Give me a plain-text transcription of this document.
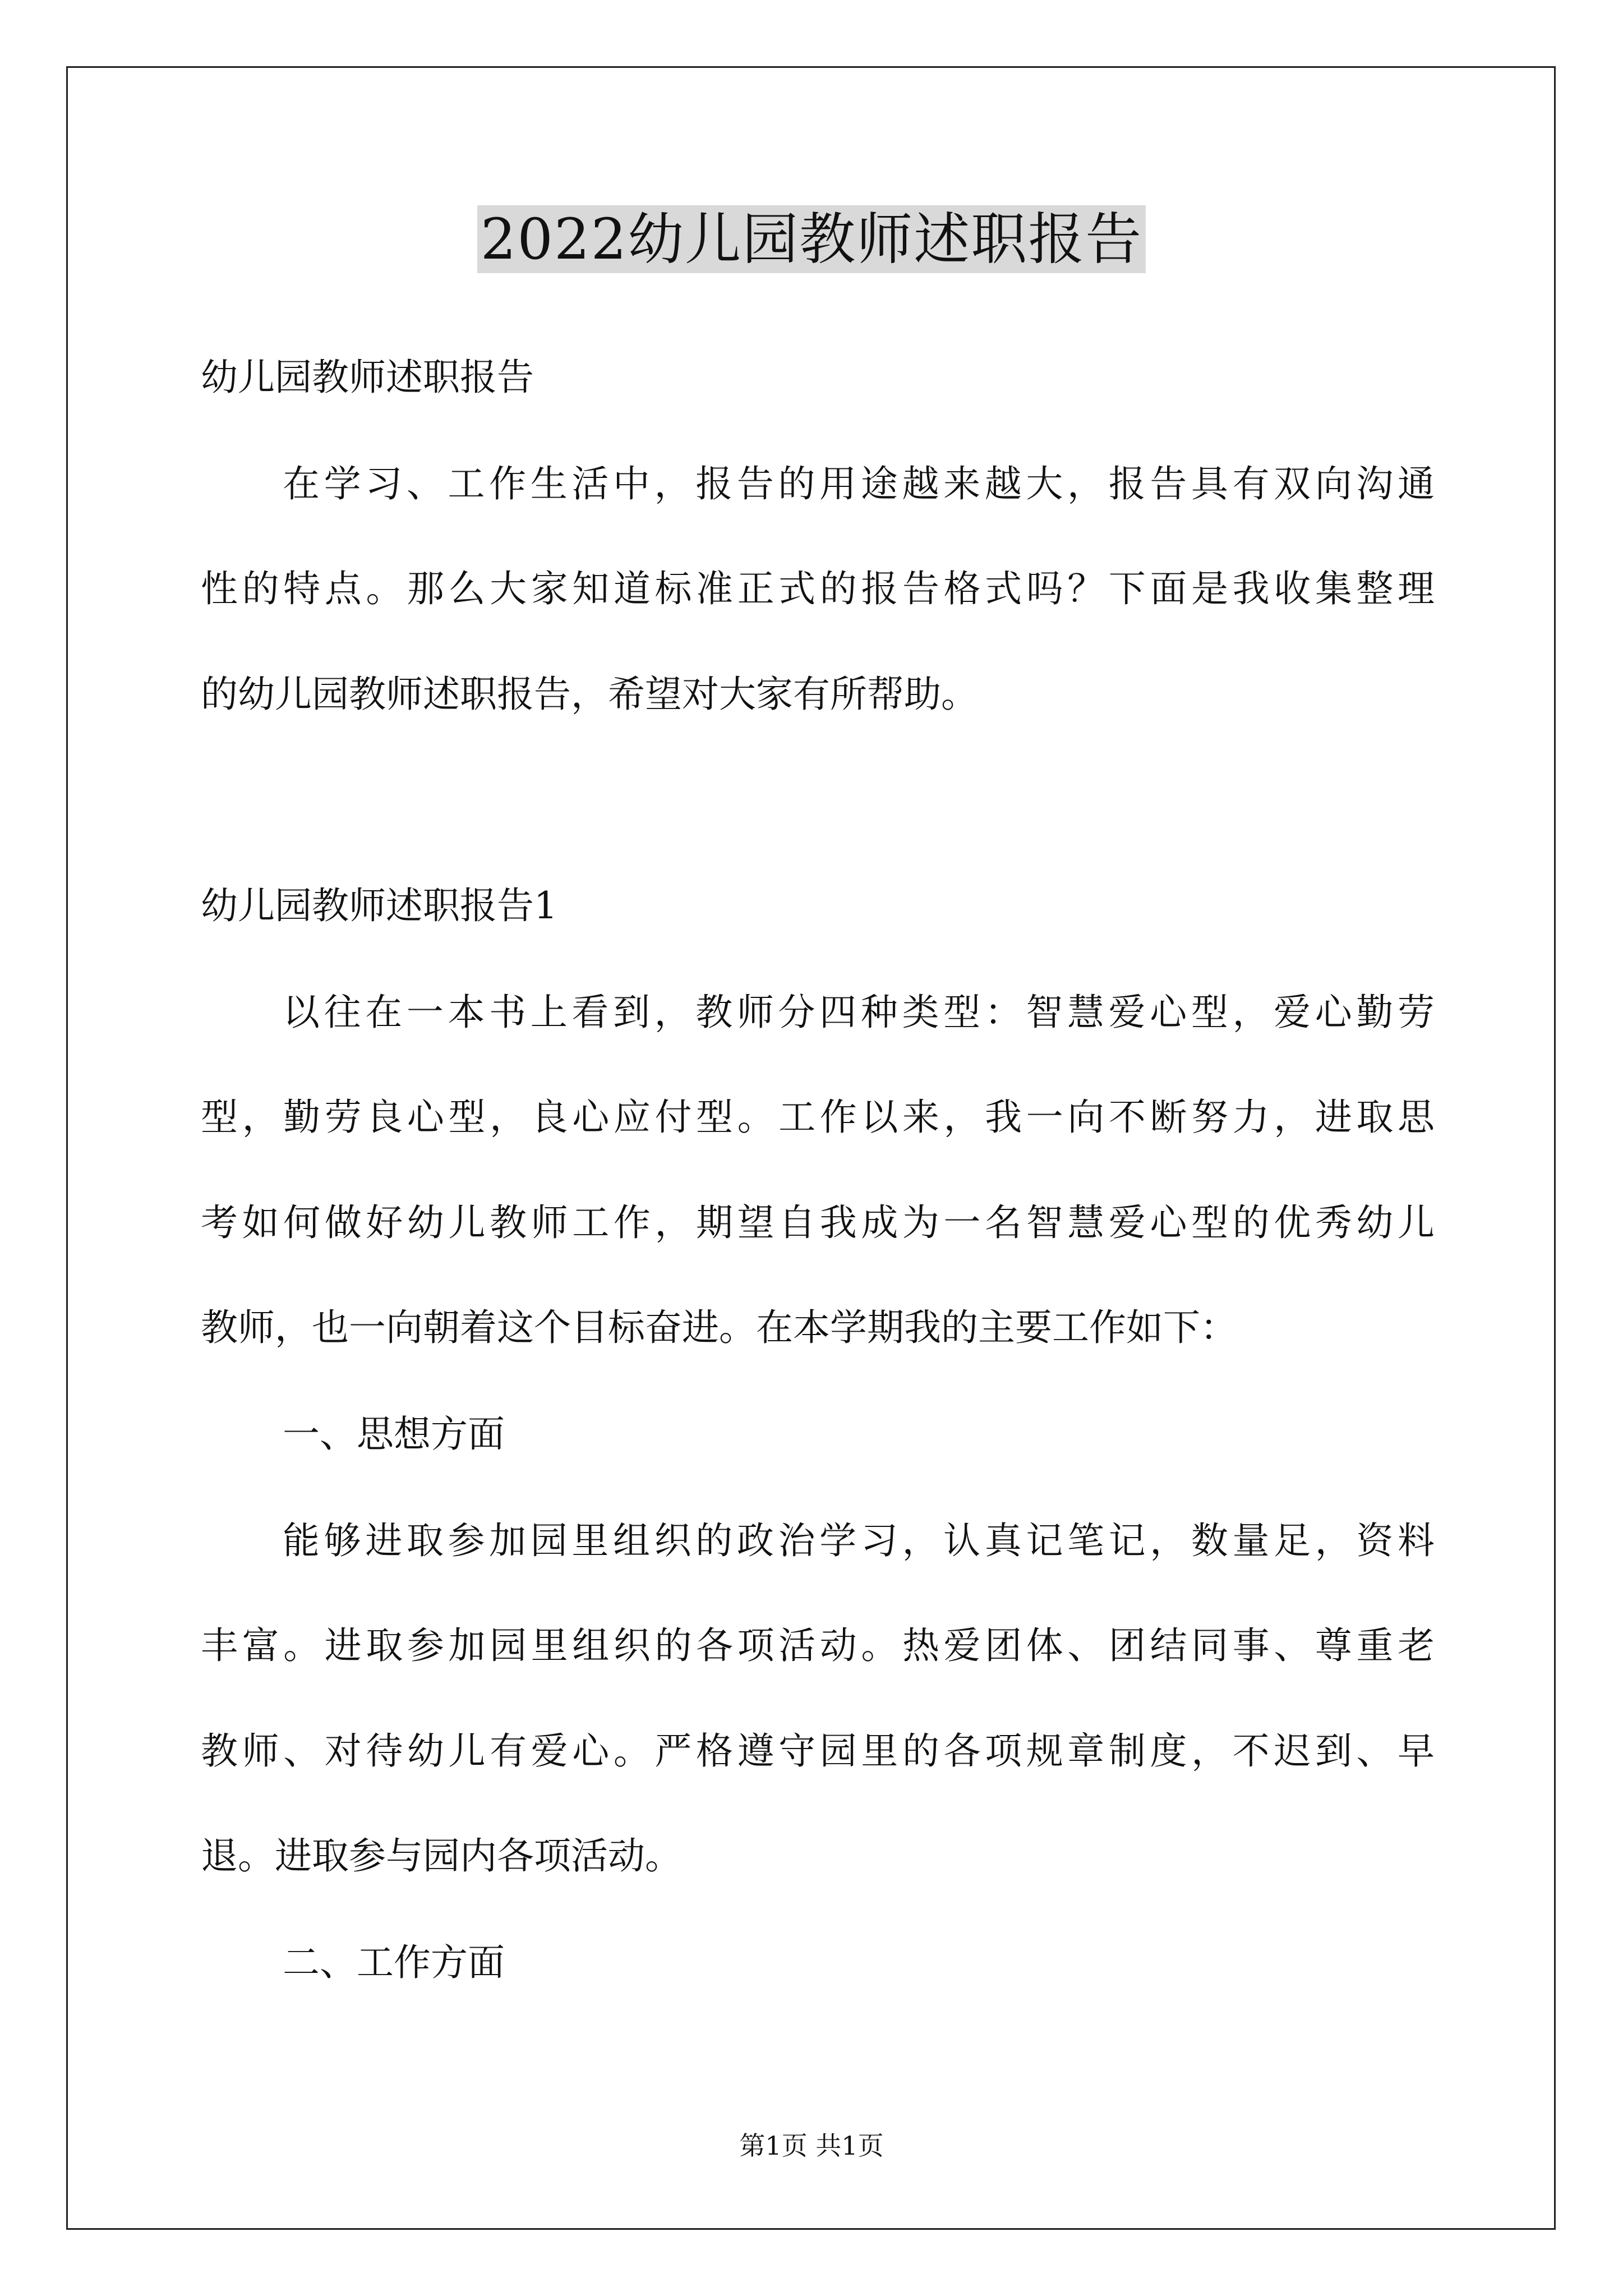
2022幼儿园教师述职报告

幼儿园教师述职报告

在学习、工作生活中，报告的用途越来越大，报告具有双向沟通

性的特点。那么大家知道标准正式的报告格式吗？下面是我收集整理

的幼儿园教师述职报告，希望对大家有所帮助。

幼儿园教师述职报告1

以往在一本书上看到，教师分四种类型：智慧爱心型，爱心勤劳

型，勤劳良心型，良心应付型。工作以来，我一向不断努力，进取思

考如何做好幼儿教师工作，期望自我成为一名智慧爱心型的优秀幼儿

教师，也一向朝着这个目标奋进。在本学期我的主要工作如下：

一、思想方面

能够进取参加园里组织的政治学习，认真记笔记，数量足，资料

丰富。进取参加园里组织的各项活动。热爱团体、团结同事、尊重老

教师、对待幼儿有爱心。严格遵守园里的各项规章制度，不迟到、早

退。进取参与园内各项活动。

二、工作方面

第1页 共1页
